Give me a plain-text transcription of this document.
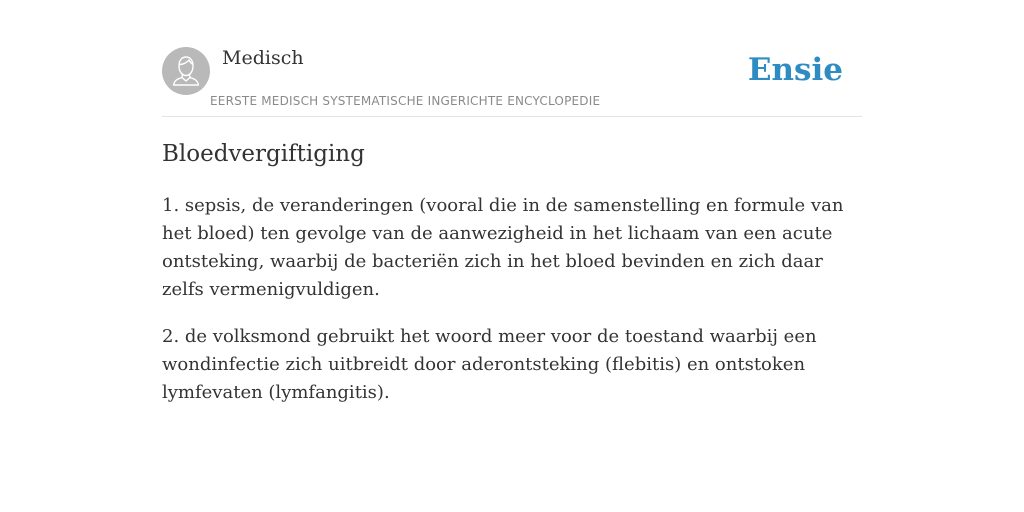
Medisch
EERSTE MEDISCH SYSTEMATISCHE INGERICHTE ENCYCLOPEDIE
Ensie
Bloedvergiftiging

1. sepsis, de veranderingen (vooral die in de samenstelling en formule van het bloed) ten gevolge van de aanwezigheid in het lichaam van een acute ontsteking, waarbij de bacteriën zich in het bloed bevinden en zich daar zelfs vermenigvuldigen.

2. de volksmond gebruikt het woord meer voor de toestand waarbij een wondinfectie zich uitbreidt door aderontsteking (flebitis) en ontstoken lymfevaten (lymfangitis).
